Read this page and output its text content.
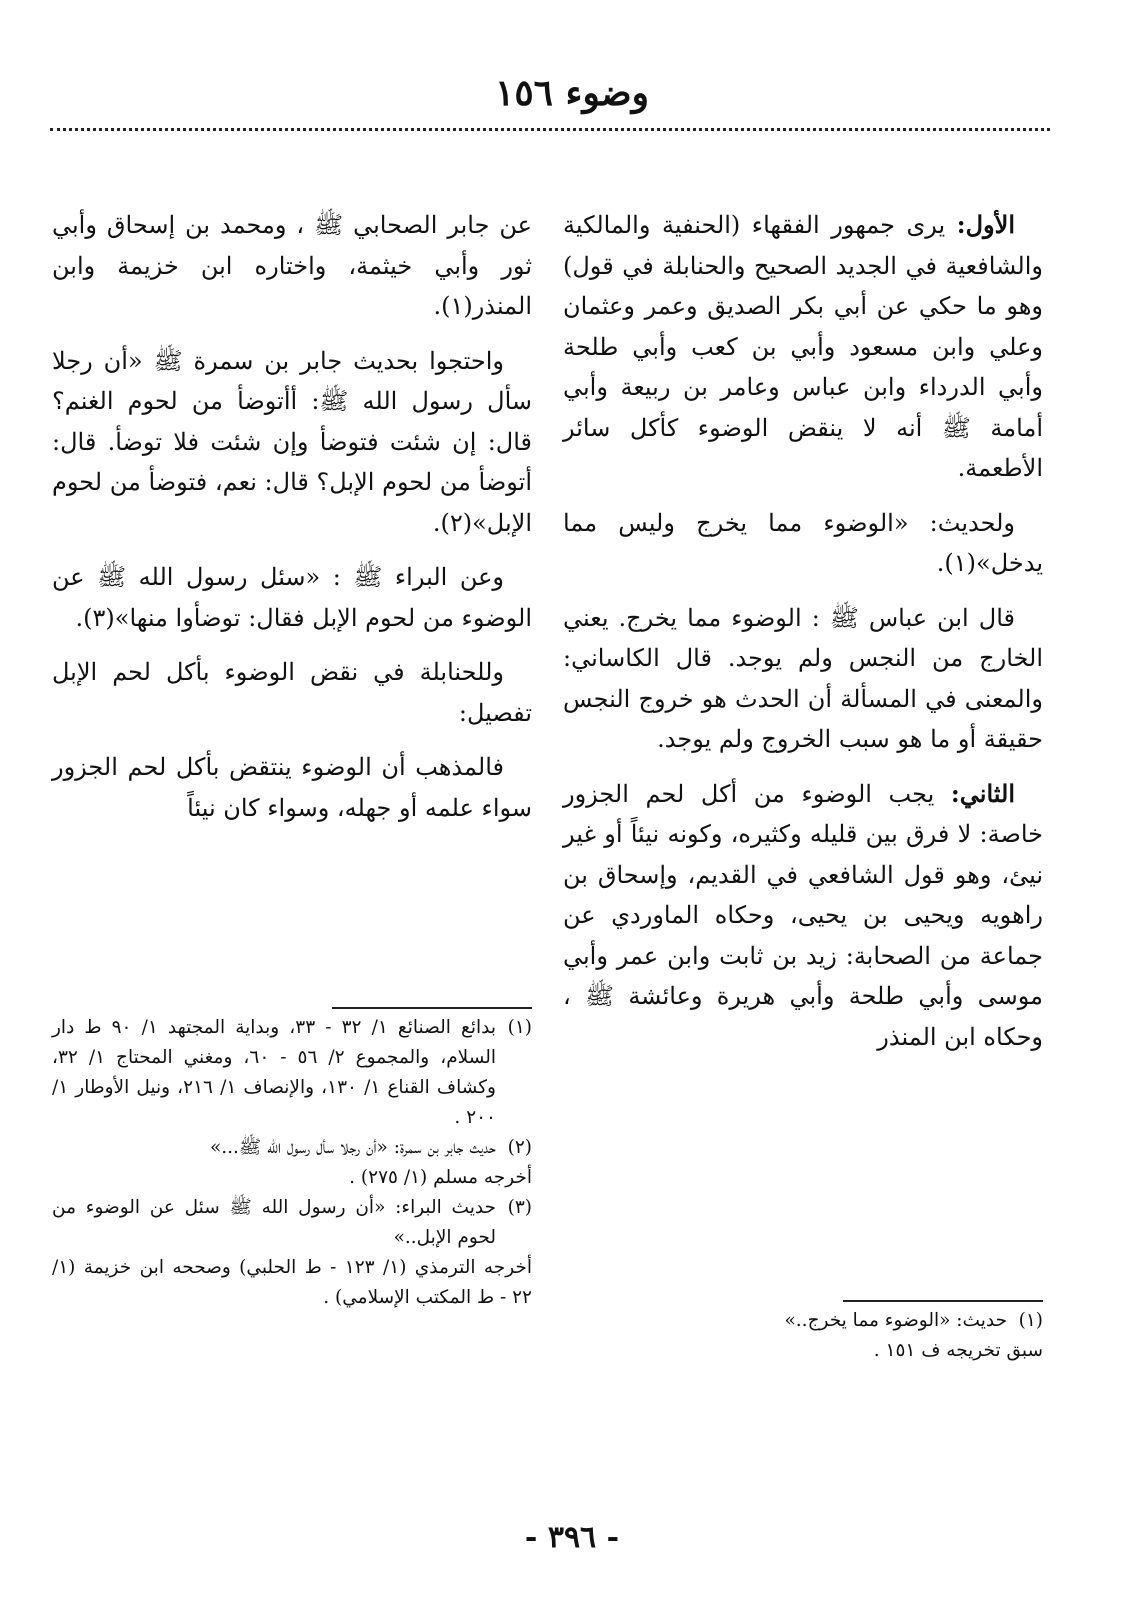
وضوء ١٥٦

الأول: يرى جمهور الفقهاء (الحنفية والمالكية والشافعية في الجديد الصحيح والحنابلة في قول) وهو ما حكي عن أبي بكر الصديق وعمر وعثمان وعلي وابن مسعود وأبي بن كعب وأبي طلحة وأبي الدرداء وابن عباس وعامر بن ربيعة وأبي أمامة ﷺ أنه لا ينقض الوضوء كأكل سائر الأطعمة.

ولحديث: «الوضوء مما يخرج وليس مما يدخل»(١).

قال ابن عباس ﷺ : الوضوء مما يخرج. يعني الخارج من النجس ولم يوجد. قال الكاساني: والمعنى في المسألة أن الحدث هو خروج النجس حقيقة أو ما هو سبب الخروج ولم يوجد.

الثاني: يجب الوضوء من أكل لحم الجزور خاصة: لا فرق بين قليله وكثيره، وكونه نيئاً أو غير نيئ، وهو قول الشافعي في القديم، وإسحاق بن راهويه ويحيى بن يحيى، وحكاه الماوردي عن جماعة من الصحابة: زيد بن ثابت وابن عمر وأبي موسى وأبي طلحة وأبي هريرة وعائشة ﷺ ، وحكاه ابن المنذر

(١)
حديث: «الوضوء مما يخرج..»
سبق تخريجه ف ١٥١ .

عن جابر الصحابي ﷺ ، ومحمد بن إسحاق وأبي ثور وأبي خيثمة، واختاره ابن خزيمة وابن المنذر(١).

واحتجوا بحديث جابر بن سمرة ﷺ «أن رجلا سأل رسول الله ﷺ: أأتوضأ من لحوم الغنم؟ قال: إن شئت فتوضأ وإن شئت فلا توضأ. قال: أتوضأ من لحوم الإبل؟ قال: نعم، فتوضأ من لحوم الإبل»(٢).

وعن البراء ﷺ : «سئل رسول الله ﷺ عن الوضوء من لحوم الإبل فقال: توضأوا منها»(٣).

وللحنابلة في نقض الوضوء بأكل لحم الإبل تفصيل:

فالمذهب أن الوضوء ينتقض بأكل لحم الجزور سواء علمه أو جهله، وسواء كان نيئاً

(١)
بدائع الصنائع ١/ ٣٢ - ٣٣، وبداية المجتهد ١/ ٩٠ ط دار السلام، والمجموع ٢/ ٥٦ - ٦٠، ومغني المحتاج ١/ ٣٢، وكشاف القناع ١/ ١٣٠، والإنصاف ١/ ٢١٦، ونيل الأوطار ١/ ٢٠٠ .

(٢)
حديث جابر بن سمرة: «أن رجلا سأل رسول الله ﷺ...»
أخرجه مسلم (١/ ٢٧٥) .

(٣)
حديث البراء: «أن رسول الله ﷺ سئل عن الوضوء من لحوم الإبل..»
أخرجه الترمذي (١/ ١٢٣ - ط الحلبي) وصححه ابن خزيمة (١/ ٢٢ - ط المكتب الإسلامي) .

- ٣٩٦ -
